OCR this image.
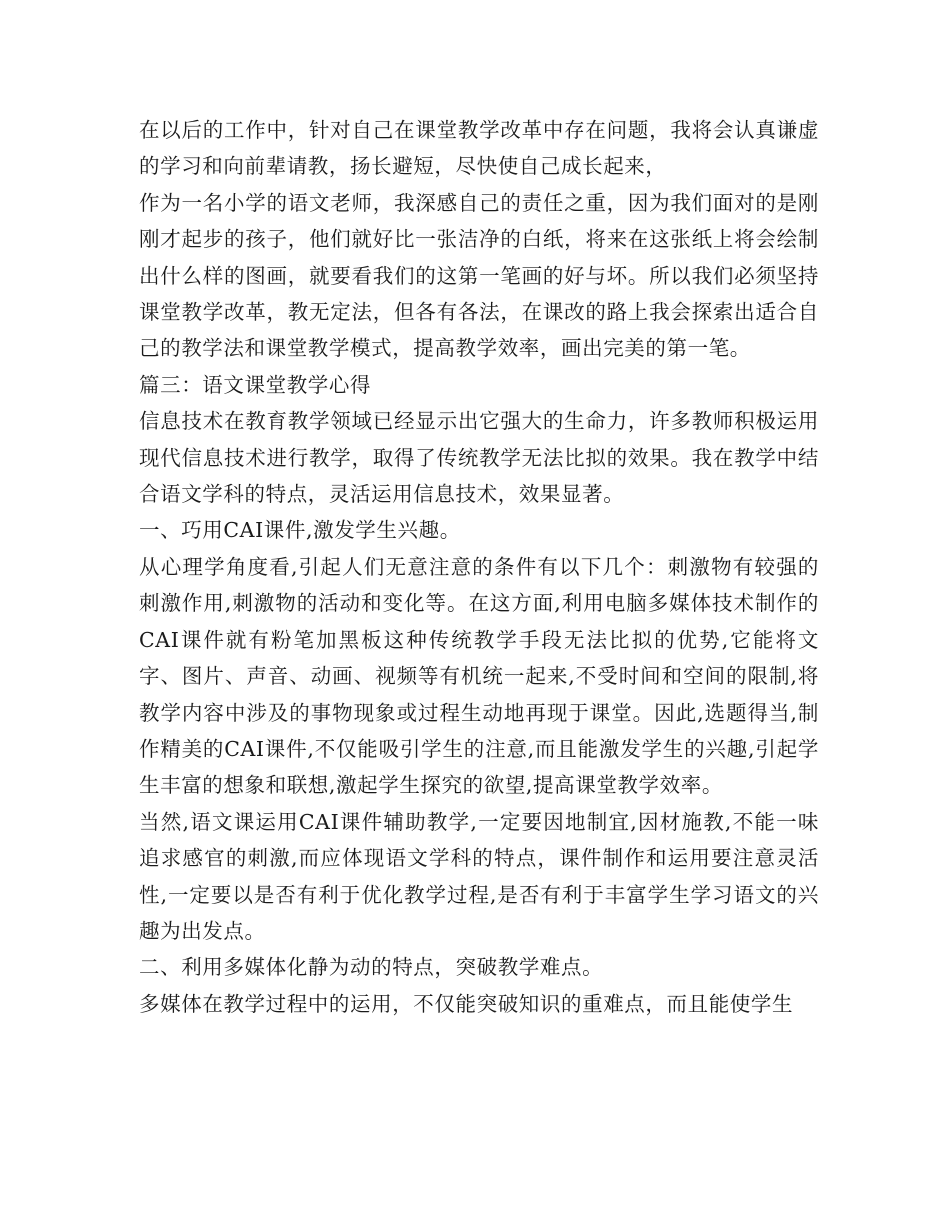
在以后的工作中，针对自己在课堂教学改革中存在问题，我将会认真谦虚的学习和向前辈请教，扬长避短，尽快使自己成长起来，

作为一名小学的语文老师，我深感自己的责任之重，因为我们面对的是刚刚才起步的孩子，他们就好比一张洁净的白纸，将来在这张纸上将会绘制出什么样的图画，就要看我们的这第一笔画的好与坏。所以我们必须坚持课堂教学改革，教无定法，但各有各法，在课改的路上我会探索出适合自己的教学法和课堂教学模式，提高教学效率，画出完美的第一笔。

篇三：语文课堂教学心得

信息技术在教育教学领域已经显示出它强大的生命力，许多教师积极运用现代信息技术进行教学，取得了传统教学无法比拟的效果。我在教学中结合语文学科的特点，灵活运用信息技术，效果显著。

一、巧用CAI课件,激发学生兴趣。

从心理学角度看,引起人们无意注意的条件有以下几个：刺激物有较强的刺激作用,刺激物的活动和变化等。在这方面,利用电脑多媒体技术制作的CAI课件就有粉笔加黑板这种传统教学手段无法比拟的优势,它能将文字、图片、声音、动画、视频等有机统一起来,不受时间和空间的限制,将教学内容中涉及的事物现象或过程生动地再现于课堂。因此,选题得当,制作精美的CAI课件,不仅能吸引学生的注意,而且能激发学生的兴趣,引起学生丰富的想象和联想,激起学生探究的欲望,提高课堂教学效率。

当然,语文课运用CAI课件辅助教学,一定要因地制宜,因材施教,不能一味追求感官的刺激,而应体现语文学科的特点，课件制作和运用要注意灵活性,一定要以是否有利于优化教学过程,是否有利于丰富学生学习语文的兴趣为出发点。

二、利用多媒体化静为动的特点，突破教学难点。

多媒体在教学过程中的运用，不仅能突破知识的重难点，而且能使学生
